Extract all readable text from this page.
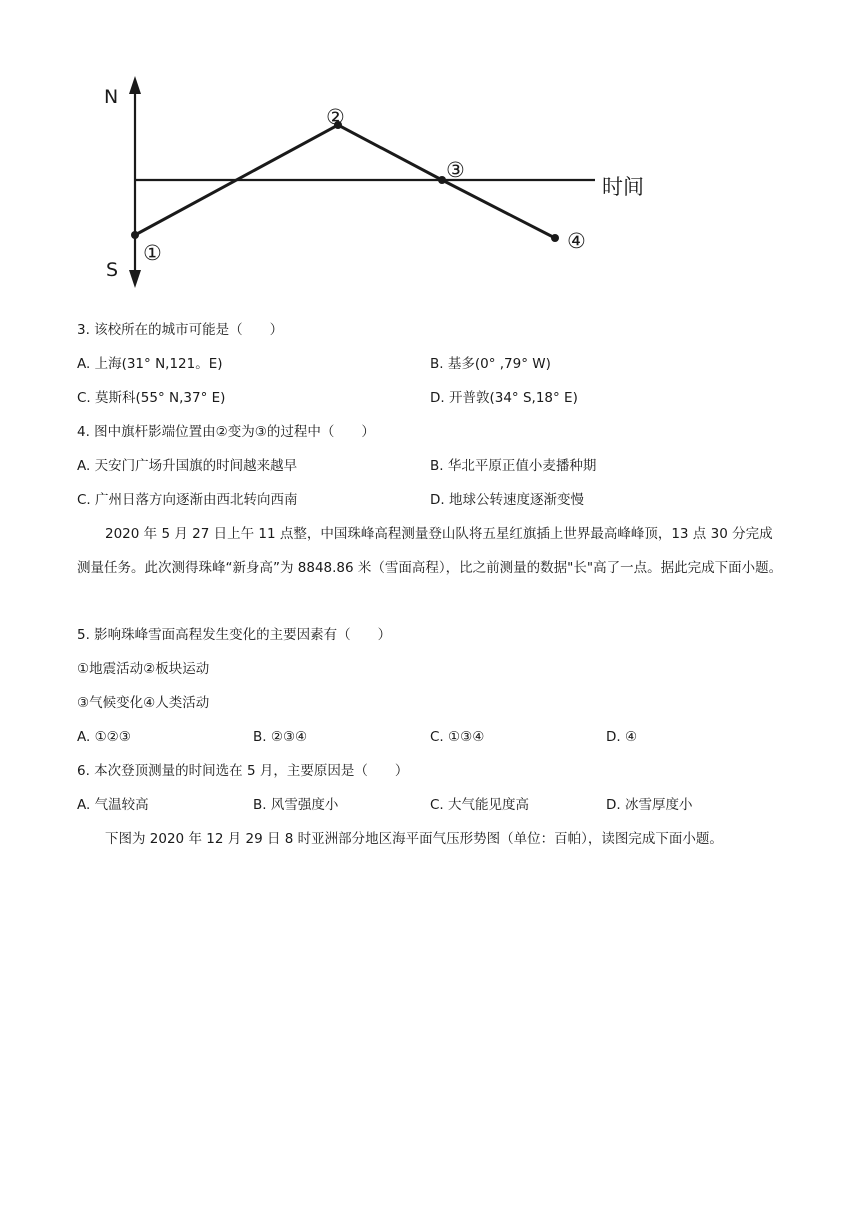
N
S
时间
①
②
③
④
3. 该校所在的城市可能是（　　）
A. 上海(31° N,121。E)	B. 基多(0° ,79° W)
C. 莫斯科(55° N,37° E)	D. 开普敦(34° S,18° E)
4. 图中旗杆影端位置由②变为③的过程中（　　）
A. 天安门广场升国旗的时间越来越早	B. 华北平原正值小麦播种期
C. 广州日落方向逐渐由西北转向西南	D. 地球公转速度逐渐变慢
2020 年 5 月 27 日上午 11 点整，中国珠峰高程测量登山队将五星红旗插上世界最高峰峰顶，13 点 30 分完成测量任务。此次测得珠峰“新身高”为 8848.86 米（雪面高程），比之前测量的数据"长"高了一点。据此完成下面小题。
5. 影响珠峰雪面高程发生变化的主要因素有（　　）
①地震活动②板块运动
③气候变化④人类活动
A. ①②③	B. ②③④	C. ①③④	D. ④
6. 本次登顶测量的时间选在 5 月，主要原因是（　　）
A. 气温较高	B. 风雪强度小	C. 大气能见度高	D. 冰雪厚度小
下图为 2020 年 12 月 29 日 8 时亚洲部分地区海平面气压形势图（单位：百帕），读图完成下面小题。
